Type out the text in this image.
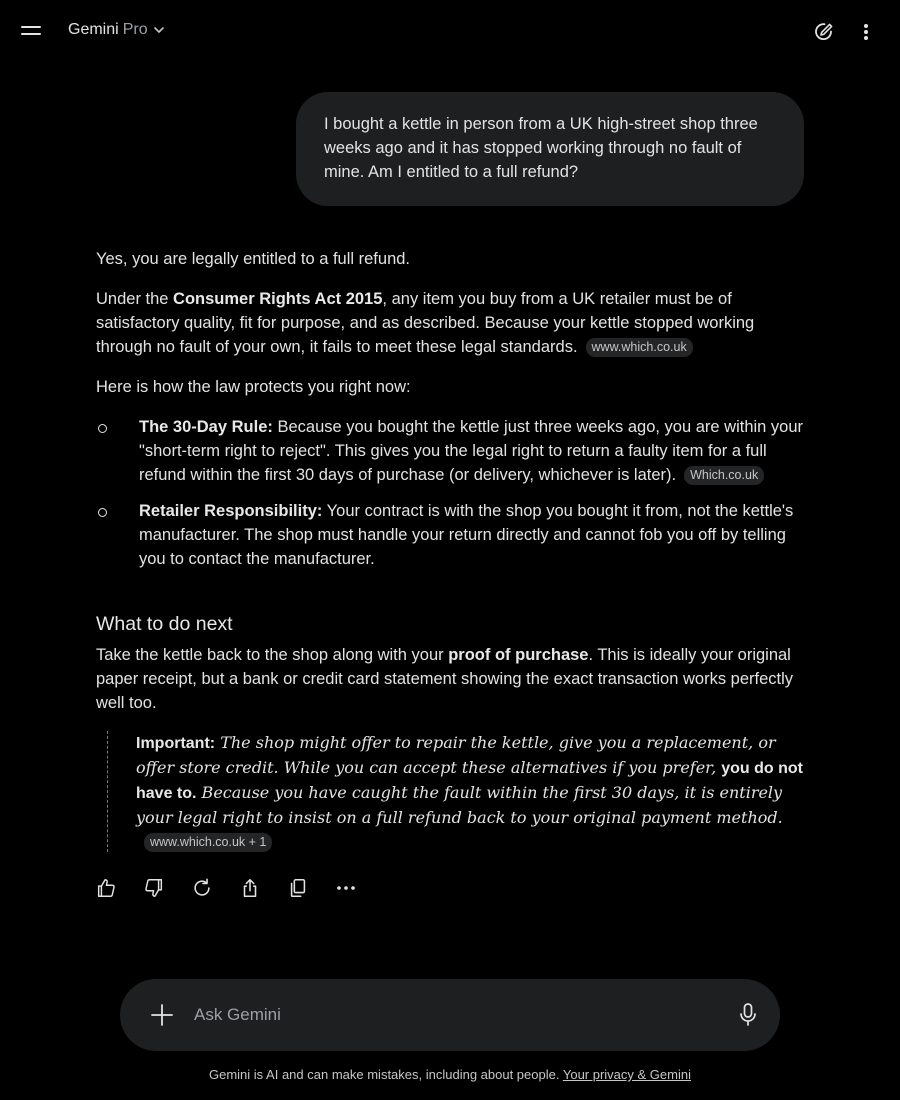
Gemini Pro
I bought a kettle in person from a UK high-street shop three weeks ago and it has stopped working through no fault of mine. Am I entitled to a full refund?

Yes, you are legally entitled to a full refund.

Under the Consumer Rights Act 2015, any item you buy from a UK retailer must be of satisfactory quality, fit for purpose, and as described. Because your kettle stopped working through no fault of your own, it fails to meet these legal standards. www.which.co.uk

Here is how the law protects you right now:

The 30-Day Rule: Because you bought the kettle just three weeks ago, you are within your "short-term right to reject". This gives you the legal right to return a faulty item for a full refund within the first 30 days of purchase (or delivery, whichever is later). Which.co.uk
Retailer Responsibility: Your contract is with the shop you bought it from, not the kettle's manufacturer. The shop must handle your return directly and cannot fob you off by telling you to contact the manufacturer.
What to do next

Take the kettle back to the shop along with your proof of purchase. This is ideally your original paper receipt, but a bank or credit card statement showing the exact transaction works perfectly well too.

Important: The shop might offer to repair the kettle, give you a replacement, or offer store credit. While you can accept these alternatives if you prefer, you do not have to. Because you have caught the fault within the first 30 days, it is entirely your legal right to insist on a full refund back to your original payment method.www.which.co.uk + 1
Ask Gemini
Gemini is AI and can make mistakes, including about people. Your privacy & Gemini
